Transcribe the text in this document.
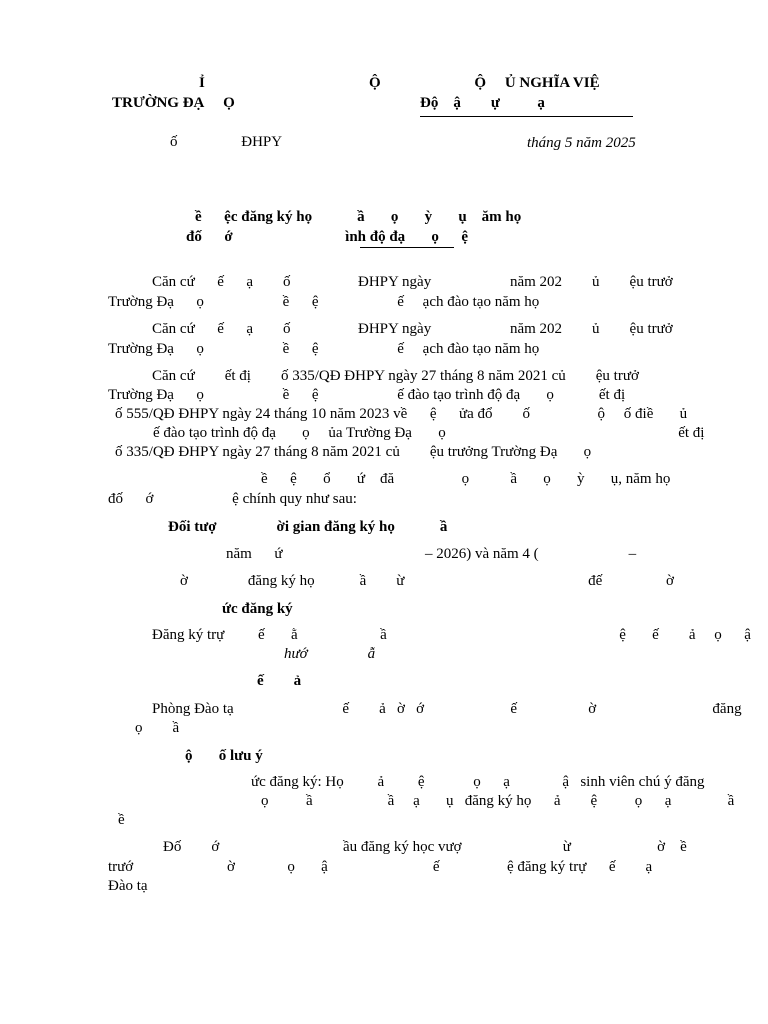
Ỉ
TRƯỜNG ĐẠ     Ọ
Ộ                         Ộ     Ủ NGHĨA VIỆ
Độ    ậ        ự          ạ
ố                 ĐHPY	tháng 5 năm 2025
ề      ệc đăng ký họ            ầ       ọ       ỳ       ụ    ăm họ
đố      ớ                              ình độ đạ       ọ      ệ
Căn cứ      ế      ạ        ố                  ĐHPY ngày                     năm 202        ủ        ệu trưở
Trường Đạ      ọ                     ề      ệ                     ế     ạch đào tạo năm họ
Căn cứ      ế      ạ        ố                  ĐHPY ngày                     năm 202        ủ        ệu trưở
Trường Đạ      ọ                     ề      ệ                     ế     ạch đào tạo năm họ
Căn cứ        ết đị        ố 335/QĐ ĐHPY ngày 27 tháng 8 năm 2021 củ        ệu trưở
Trường Đạ      ọ                     ề      ệ                     ế đào tạo trình độ đạ       ọ            ết đị
ố 555/QĐ ĐHPY ngày 24 tháng 10 năm 2023 về      ệ      ửa đổ        ố                  ộ     ố điề       ủ
ế đào tạo trình độ đạ       ọ     ủa Trường Đạ       ọ                                                              ết đị
ố 335/QĐ ĐHPY ngày 27 tháng 8 năm 2021 củ        ệu trưởng Trường Đạ       ọ
ề      ệ       ổ       ứ    đă                  ọ           ầ       ọ       ỳ       ụ, năm họ
đố      ớ                     ệ chính quy như sau:
Đối tượ                ời gian đăng ký họ            ầ
năm      ứ                                      – 2026) và năm 4 (                        –
ờ                đăng ký họ            ầ        ừ                                                 đế                 ờ
ức đăng ký
Đăng ký trự         ế       ằ                      ầ                                                              ệ       ế        ả     ọ      ậ
hướ                ẫ
ế        ả
Phòng Đào tạ                             ế        ả   ờ   ớ                       ế                   ờ                               đăng
ọ        ầ
ộ       ố lưu ý
ức đăng ký: Họ         ả         ệ             ọ      ạ              ậ   sinh viên chú ý đăng
ọ          ầ                    ầ     ạ       ụ   đăng ký họ      ả        ệ          ọ      ạ               ầ
ề
Đố        ớ                                 ầu đăng ký học vượ                           ừ                       ờ    ề
trướ                         ờ              ọ       ậ                            ế                  ệ đăng ký trự      ế        ạ
Đào tạ
